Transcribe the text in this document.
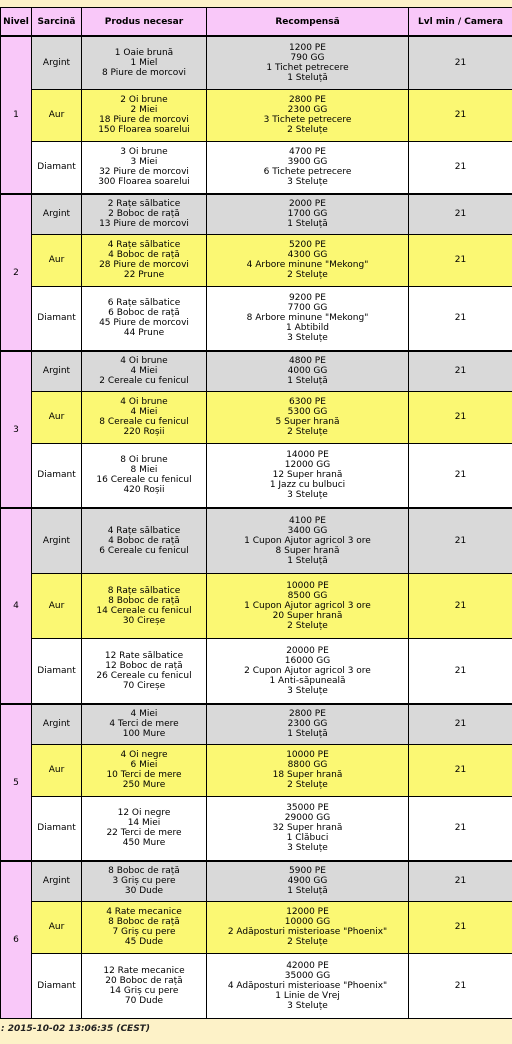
Nivel	Sarcină	Produs necesar	Recompensă	Lvl min / Camera
1	Argint	1 Oaie brună
1 Miel
8 Piure de morcovi	1200 PE
790 GG
1 Tichet petrecere
1 Steluță	21
	Aur	2 Oi brune
2 Miei
18 Piure de morcovi
150 Floarea soarelui	2800 PE
2300 GG
3 Tichete petrecere
2 Steluțe	21
	Diamant	3 Oi brune
3 Miei
32 Piure de morcovi
300 Floarea soarelui	4700 PE
3900 GG
6 Tichete petrecere
3 Steluțe	21
2	Argint	2 Rațe sălbatice
2 Boboc de rață
13 Piure de morcovi	2000 PE
1700 GG
1 Steluță	21
	Aur	4 Rațe sălbatice
4 Boboc de rață
28 Piure de morcovi
22 Prune	5200 PE
4300 GG
4 Arbore minune "Mekong"
2 Steluțe	21
	Diamant	6 Rațe sălbatice
6 Boboc de rață
45 Piure de morcovi
44 Prune	9200 PE
7700 GG
8 Arbore minune "Mekong"
1 Abtibild
3 Steluțe	21
3	Argint	4 Oi brune
4 Miei
2 Cereale cu fenicul	4800 PE
4000 GG
1 Steluță	21
	Aur	4 Oi brune
4 Miei
8 Cereale cu fenicul
220 Roșii	6300 PE
5300 GG
5 Super hrană
2 Steluțe	21
	Diamant	8 Oi brune
8 Miei
16 Cereale cu fenicul
420 Roșii	14000 PE
12000 GG
12 Super hrană
1 Jazz cu bulbuci
3 Steluțe	21
4	Argint	4 Rațe sălbatice
4 Boboc de rață
6 Cereale cu fenicul	4100 PE
3400 GG
1 Cupon Ajutor agricol 3 ore
8 Super hrană
1 Steluță	21
	Aur	8 Rațe sălbatice
8 Boboc de rață
14 Cereale cu fenicul
30 Cireșe	10000 PE
8500 GG
1 Cupon Ajutor agricol 3 ore
20 Super hrană
2 Steluțe	21
	Diamant	12 Rate sălbatice
12 Boboc de rață
26 Cereale cu fenicul
70 Cireșe	20000 PE
16000 GG
2 Cupon Ajutor agricol 3 ore
1 Anti-săpuneală
3 Steluțe	21
5	Argint	4 Miei
4 Terci de mere
100 Mure	2800 PE
2300 GG
1 Steluță	21
	Aur	4 Oi negre
6 Miei
10 Terci de mere
250 Mure	10000 PE
8800 GG
18 Super hrană
2 Steluțe	21
	Diamant	12 Oi negre
14 Miei
22 Terci de mere
450 Mure	35000 PE
29000 GG
32 Super hrană
1 Clăbuci
3 Steluțe	21
6	Argint	8 Boboc de rață
3 Griș cu pere
30 Dude	5900 PE
4900 GG
1 Steluță	21
	Aur	4 Rate mecanice
8 Boboc de rață
7 Griș cu pere
45 Dude	12000 PE
10000 GG
2 Adăposturi misterioase "Phoenix"
2 Steluțe	21
	Diamant	12 Rate mecanice
20 Boboc de rață
14 Griș cu pere
70 Dude	42000 PE
35000 GG
4 Adăposturi misterioase "Phoenix"
1 Linie de Vrej
3 Steluțe	21
: 2015-10-02 13:06:35 (CEST)
